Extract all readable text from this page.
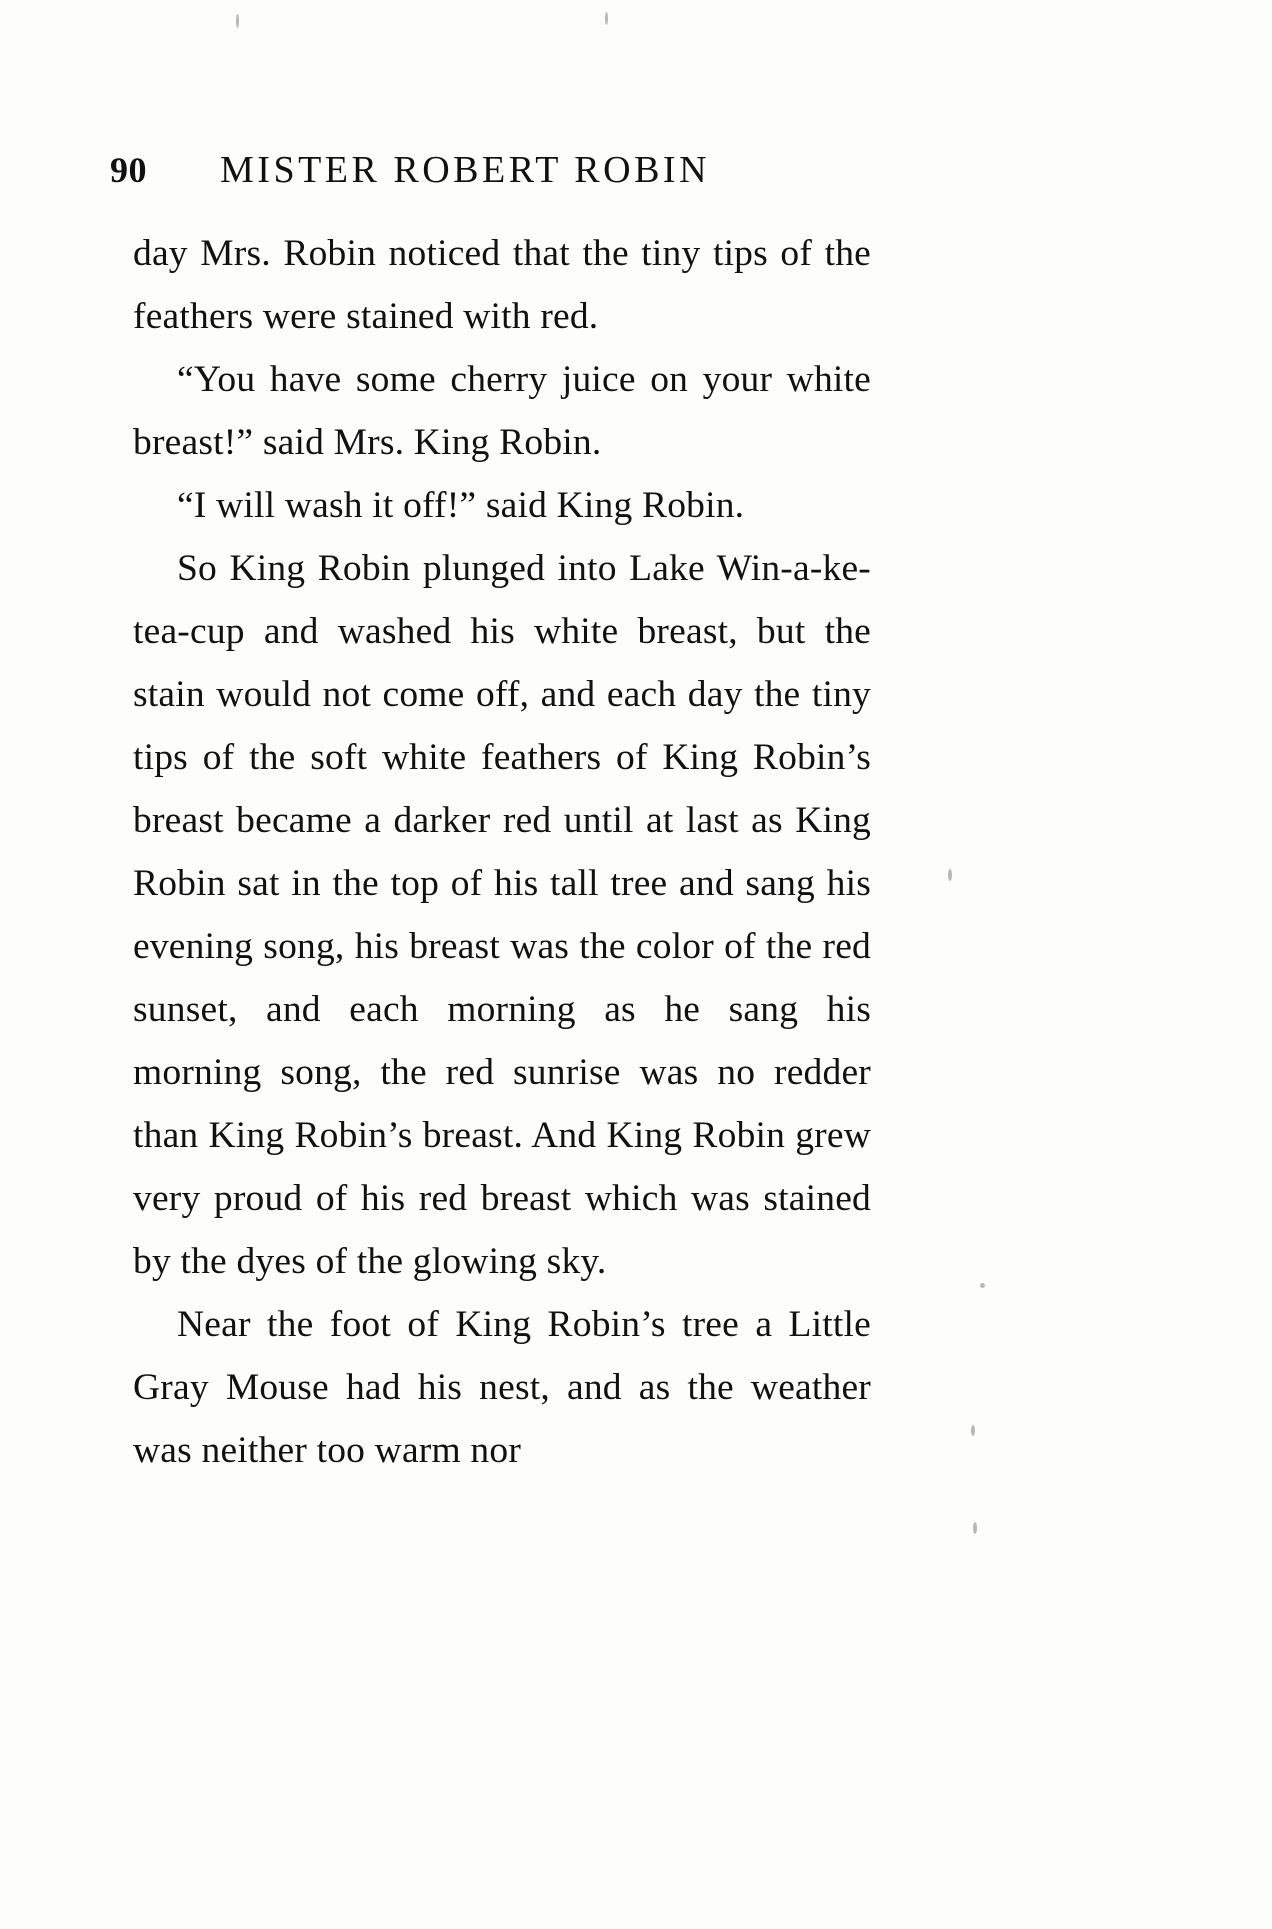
90	MISTER ROBERT ROBIN

day Mrs. Robin noticed that the tiny tips of the feathers were stained with red.

“You have some cherry juice on your white breast!” said Mrs. King Robin.

“I will wash it off!” said King Robin.

So King Robin plunged into Lake Win-a-ke-tea-cup and washed his white breast, but the stain would not come off, and each day the tiny tips of the soft white feathers of King Robin’s breast became a darker red until at last as King Robin sat in the top of his tall tree and sang his evening song, his breast was the color of the red sunset, and each morning as he sang his morning song, the red sunrise was no redder than King Robin’s breast. And King Robin grew very proud of his red breast which was stained by the dyes of the glowing sky.

Near the foot of King Robin’s tree a Little Gray Mouse had his nest, and as the weather was neither too warm nor
